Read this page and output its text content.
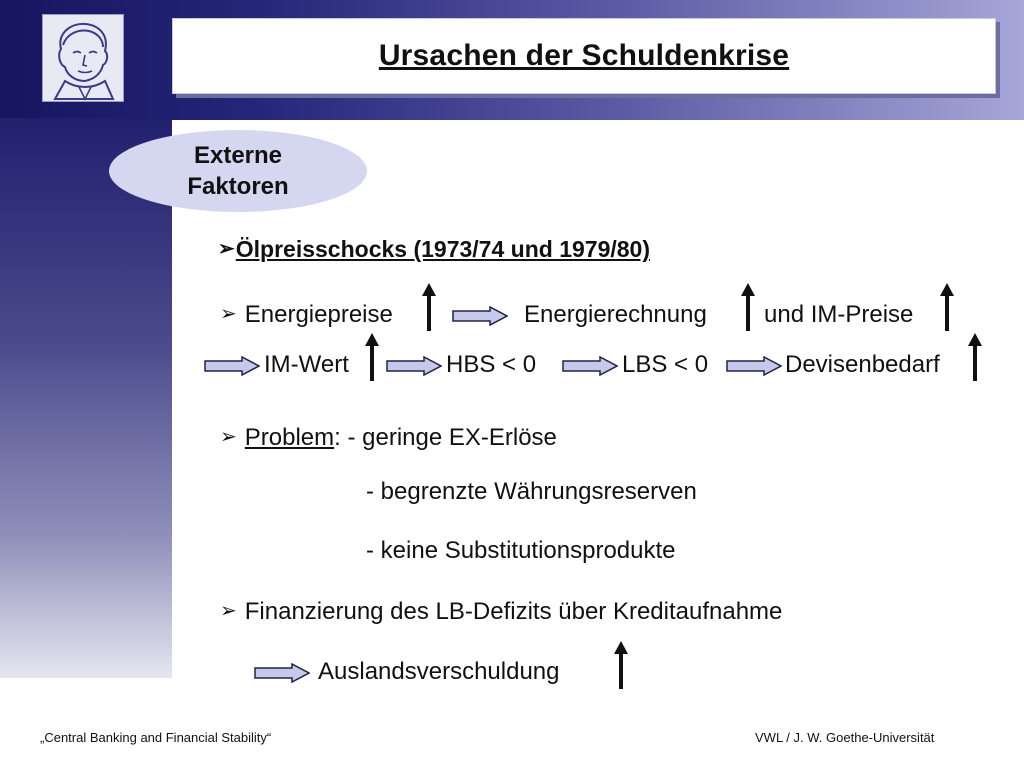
Ursachen der Schuldenkrise
Externe
Faktoren
➢Ölpreisschocks (1973/74 und 1979/80)
➢ Energiepreise	Energierechnung und IM-Preise
IM-Wert	HBS < 0	LBS < 0	Devisenbedarf
➢ Problem: - geringe EX-Erlöse
- begrenzte Währungsreserven
- keine Substitutionsprodukte
➢ Finanzierung des LB-Defizits über Kreditaufnahme
Auslandsverschuldung
„Central Banking and Financial Stability“	VWL / J. W. Goethe-Universität
